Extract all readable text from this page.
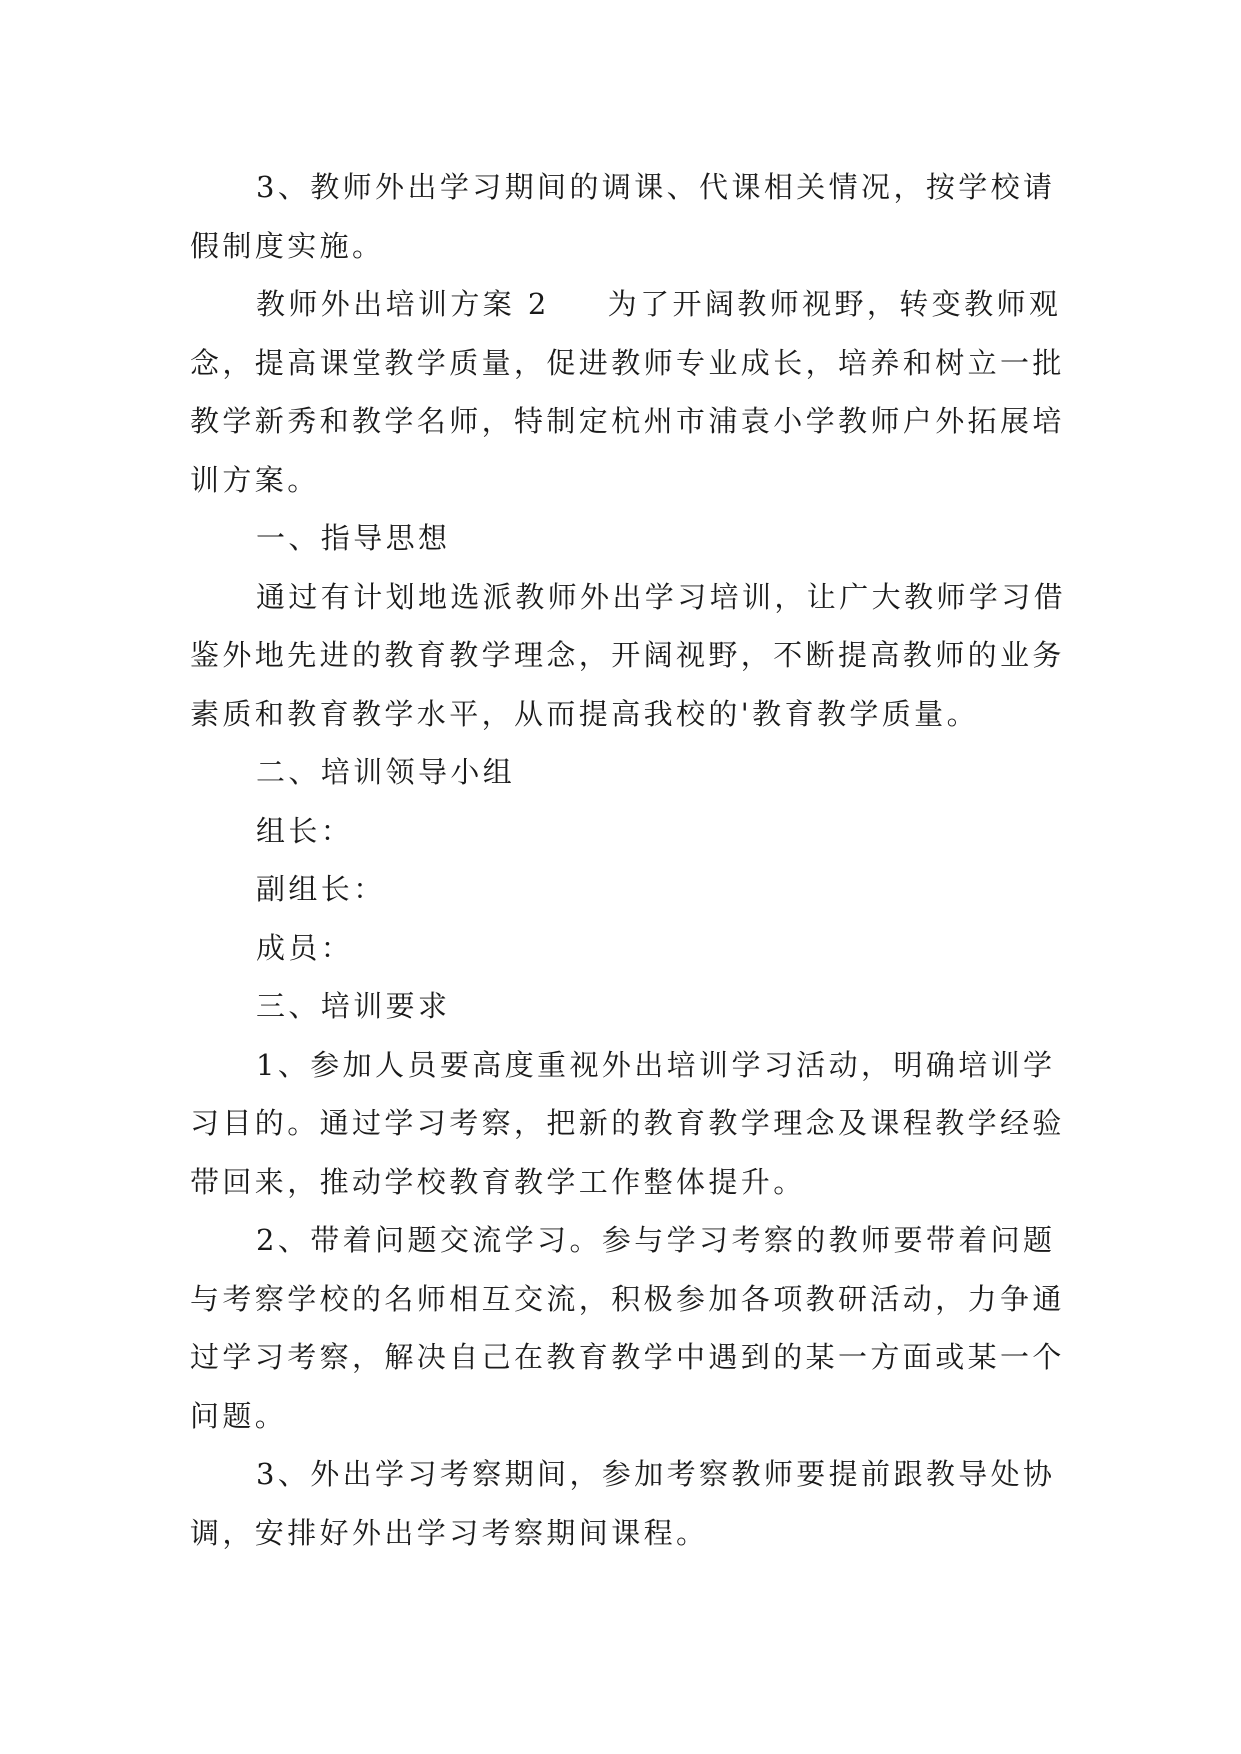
3、教师外出学习期间的调课、代课相关情况，按学校请假制度实施。

教师外出培训方案 2 为了开阔教师视野，转变教师观念，提高课堂教学质量，促进教师专业成长，培养和树立一批教学新秀和教学名师，特制定杭州市浦袁小学教师户外拓展培训方案。

一、指导思想

通过有计划地选派教师外出学习培训，让广大教师学习借鉴外地先进的教育教学理念，开阔视野，不断提高教师的业务素质和教育教学水平，从而提高我校的'教育教学质量。

二、培训领导小组

组长：

副组长：

成员：

三、培训要求

1、参加人员要高度重视外出培训学习活动，明确培训学习目的。通过学习考察，把新的教育教学理念及课程教学经验带回来，推动学校教育教学工作整体提升。

2、带着问题交流学习。参与学习考察的教师要带着问题与考察学校的名师相互交流，积极参加各项教研活动，力争通过学习考察，解决自己在教育教学中遇到的某一方面或某一个问题。

3、外出学习考察期间，参加考察教师要提前跟教导处协调，安排好外出学习考察期间课程。
